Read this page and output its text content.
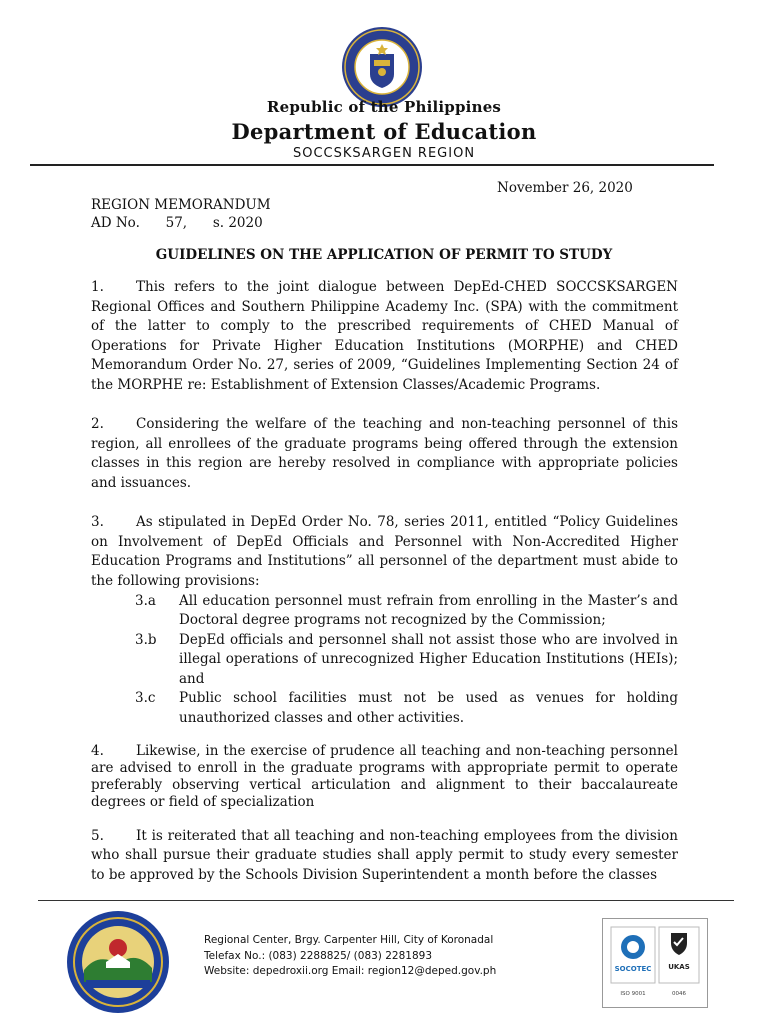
Republic of the Philippines
Department of Education
SOCCSKSARGEN REGION
November 26, 2020
REGION MEMORANDUM
AD No.      57,      s. 2020
GUIDELINES ON THE APPLICATION OF PERMIT TO STUDY

1. This refers to the joint dialogue between DepEd-CHED SOCCSKSARGEN Regional Offices and Southern Philippine Academy Inc. (SPA) with the commitment of the latter to comply to the prescribed requirements of CHED Manual of Operations for Private Higher Education Institutions (MORPHE) and CHED Memorandum Order No. 27, series of 2009, “Guidelines Implementing Section 24 of the MORPHE re: Establishment of Extension Classes/Academic Programs.

2. Considering the welfare of the teaching and non-teaching personnel of this region, all enrollees of the graduate programs being offered through the extension classes in this region are hereby resolved in compliance with appropriate policies and issuances.

3. As stipulated in DepEd Order No. 78, series 2011, entitled “Policy Guidelines on Involvement of DepEd Officials and Personnel with Non-Accredited Higher Education Programs and Institutions” all personnel of the department must abide to the following provisions:

3.a	All education personnel must refrain from enrolling in the Master’s and Doctoral degree programs not recognized by the Commission;
3.b	DepEd officials and personnel shall not assist those who are involved in illegal operations of unrecognized Higher Education Institutions (HEIs); and
3.c	Public school facilities must not be used as venues for holding unauthorized classes and other activities.

4. Likewise, in the exercise of prudence all teaching and non-teaching personnel are advised to enroll in the graduate programs with appropriate permit to operate preferably observing vertical articulation and alignment to their baccalaureate degrees or field of specialization

5. It is reiterated that all teaching and non-teaching employees from the division who shall pursue their graduate studies shall apply permit to study every semester to be approved by the Schools Division Superintendent a month before the classes

Regional Center, Brgy. Carpenter Hill, City of Koronadal
Telefax No.: (083) 2288825/ (083) 2281893
Website: depedroxii.org Email: region12@deped.gov.ph	SOCOTEC
ISO 9001
UKAS
0046
